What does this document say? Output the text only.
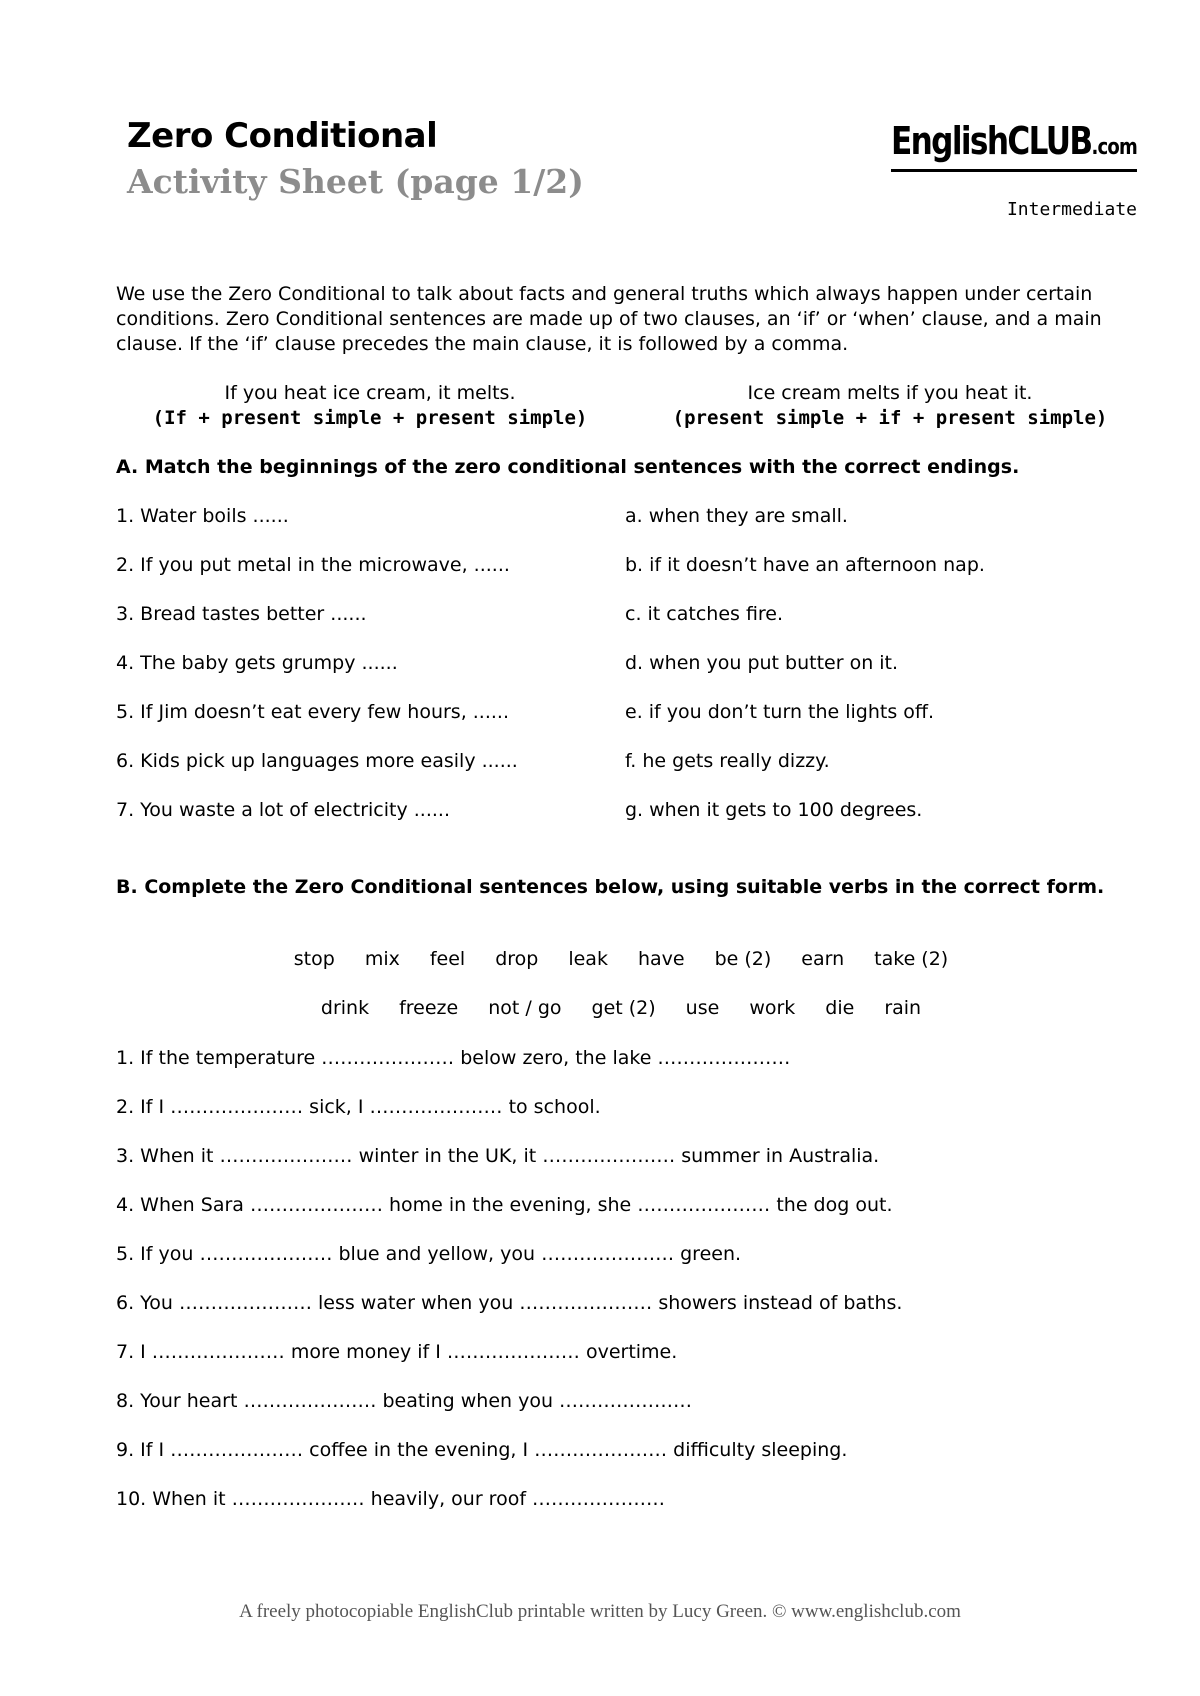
Zero Conditional
Activity Sheet (page 1/2)
EnglishCLUB.com
Intermediate
We use the Zero Conditional to talk about facts and general truths which always happen under certain conditions. Zero Conditional sentences are made up of two clauses, an ‘if’ or ‘when’ clause, and a main clause. If the ‘if’ clause precedes the main clause, it is followed by a comma.
If you heat ice cream, it melts.
(If + present simple + present simple)
Ice cream melts if you heat it.
(present simple + if + present simple)
A. Match the beginnings of the zero conditional sentences with the correct endings.
1. Water boils ......
2. If you put metal in the microwave, ......
3. Bread tastes better ......
4. The baby gets grumpy ......
5. If Jim doesn’t eat every few hours, ......
6. Kids pick up languages more easily ......
7. You waste a lot of electricity ......
a. when they are small.
b. if it doesn’t have an afternoon nap.
c. it catches fire.
d. when you put butter on it.
e. if you don’t turn the lights off.
f. he gets really dizzy.
g. when it gets to 100 degrees.
B. Complete the Zero Conditional sentences below, using suitable verbs in the correct form.
stop mix feel drop leak have be (2) earn take (2)
drink freeze not / go get (2) use work die rain
1. If the temperature ………………… below zero, the lake …………………
2. If I ………………… sick, I ………………… to school.
3. When it ………………… winter in the UK, it ………………… summer in Australia.
4. When Sara ………………… home in the evening, she ………………… the dog out.
5. If you ………………… blue and yellow, you ………………… green.
6. You ………………… less water when you ………………… showers instead of baths.
7. I ………………… more money if I ………………… overtime.
8. Your heart ………………… beating when you …………………
9. If I ………………… coffee in the evening, I ………………… difficulty sleeping.
10. When it ………………… heavily, our roof …………………
A freely photocopiable EnglishClub printable written by Lucy Green. © www.englishclub.com
